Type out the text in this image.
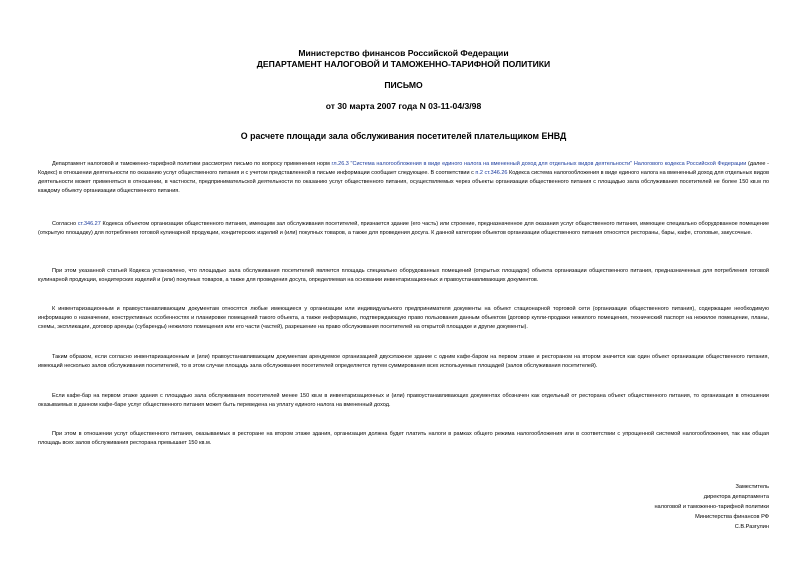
Министерство финансов Российской Федерации
ДЕПАРТАМЕНТ НАЛОГОВОЙ И ТАМОЖЕННО-ТАРИФНОЙ ПОЛИТИКИ
ПИСЬМО
от 30 марта 2007 года N 03-11-04/3/98
О расчете площади зала обслуживания посетителей плательщиком ЕНВД

Департамент налоговой и таможенно-тарифной политики рассмотрел письмо по вопросу применения норм гл.26.3 "Система налогообложения в виде единого налога на вмененный доход для отдельных видов деятельности" Налогового кодекса Российской Федерации (далее - Кодекс) в отношении деятельности по оказанию услуг общественного питания и с учетом представленной в письме информации сообщает следующее. В соответствии с п.2 ст.346.26 Кодекса система налогообложения в виде единого налога на вмененный доход для отдельных видов деятельности может применяться в отношении, в частности, предпринимательской деятельности по оказанию услуг общественного питания, осуществляемых через объекты организации общественного питания с площадью зала обслуживания посетителей не более 150 кв.м по каждому объекту организации общественного питания.

Согласно ст.346.27 Кодекса объектом организации общественного питания, имеющим зал обслуживания посетителей, признается здание (его часть) или строение, предназначенное для оказания услуг общественного питания, имеющее специально оборудованное помещение (открытую площадку) для потребления готовой кулинарной продукции, кондитерских изделий и (или) покупных товаров, а также для проведения досуга. К данной категории объектов организации общественного питания относятся рестораны, бары, кафе, столовые, закусочные.

При этом указанной статьей Кодекса установлено, что площадью зала обслуживания посетителей является площадь специально оборудованных помещений (открытых площадок) объекта организации общественного питания, предназначенных для потребления готовой кулинарной продукции, кондитерских изделий и (или) покупных товаров, а также для проведения досуга, определяемая на основании инвентаризационных и правоустанавливающих документов.

К инвентаризационным и правоустанавливающим документам относятся любые имеющиеся у организации или индивидуального предпринимателя документы на объект стационарной торговой сети (организации общественного питания), содержащие необходимую информацию о назначении, конструктивных особенностях и планировке помещений такого объекта, а также информацию, подтверждающую право пользования данным объектом (договор купли-продажи нежилого помещения, технический паспорт на нежилое помещение, планы, схемы, экспликации, договор аренды (субаренды) нежилого помещения или его части (частей), разрешение на право обслуживания посетителей на открытой площадке и другие документы).

Таким образом, если согласно инвентаризационным и (или) правоустанавливающим документам арендуемое организацией двухэтажное здание с одним кафе-баром на первом этаже и рестораном на втором значится как один объект организации общественного питания, имеющий несколько залов обслуживания посетителей, то в этом случае площадь зала обслуживания посетителей определяется путем суммирования всех используемых площадей (залов обслуживания посетителей).

Если кафе-бар на первом этаже здания с площадью зала обслуживания посетителей менее 150 кв.м в инвентаризационных и (или) правоустанавливающих документах обозначен как отдельный от ресторана объект общественного питания, то организация в отношении оказываемых в данном кафе-баре услуг общественного питания может быть переведена на уплату единого налога на вмененный доход.

При этом в отношении услуг общественного питания, оказываемых в ресторане на втором этаже здания, организация должна будет платить налоги в рамках общего режима налогообложения или в соответствии с упрощенной системой налогообложения, так как общая площадь всех залов обслуживания ресторана превышает 150 кв.м.

Заместитель
директора департамента
налоговой и таможенно-тарифной политики
Министерства финансов РФ
С.В.Разгулин
